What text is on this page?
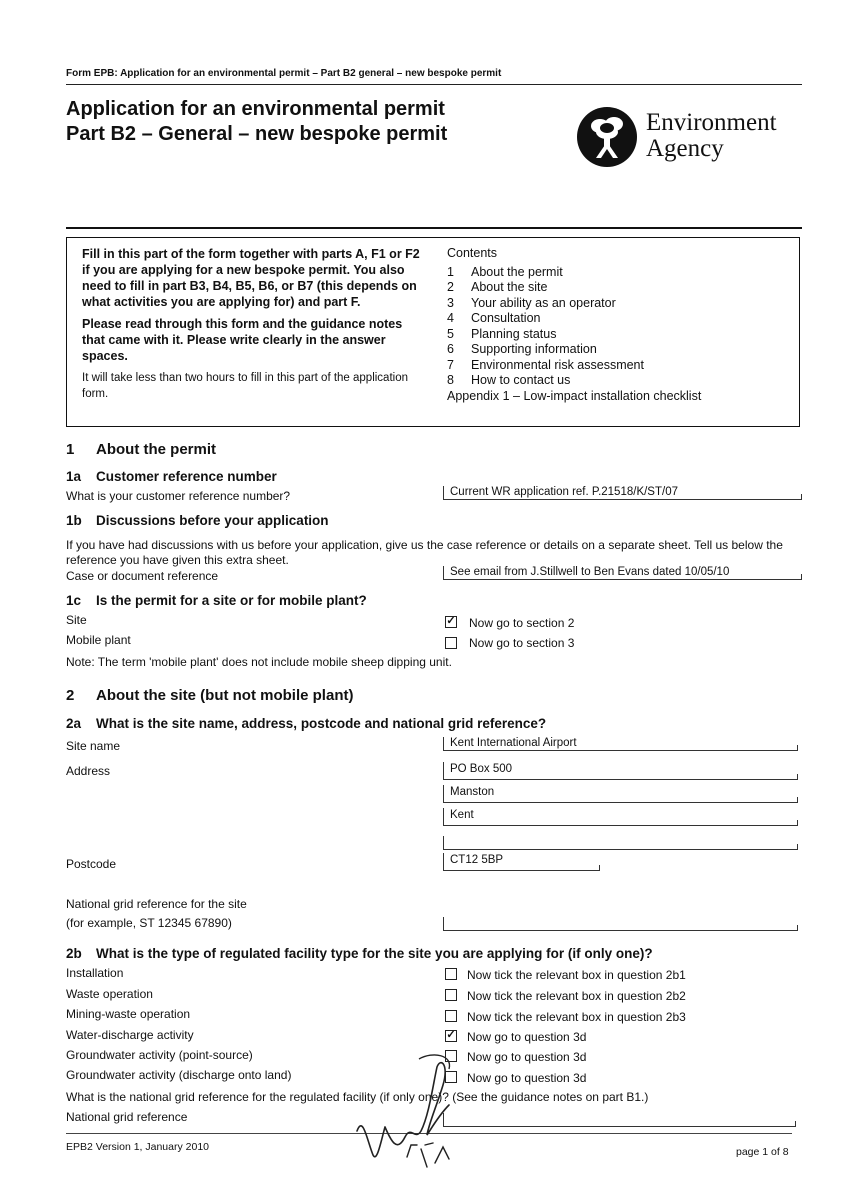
Form EPB: Application for an environmental permit – Part B2 general – new bespoke permit
Application for an environmental permit
Part B2 – General – new bespoke permit	Environment
Agency

Fill in this part of the form together with parts A, F1 or F2 if you are applying for a new bespoke permit. You also need to fill in part B3, B4, B5, B6, or B7 (this depends on what activities you are applying for) and part F.

Please read through this form and the guidance notes that came with it. Please write clearly in the answer spaces.

It will take less than two hours to fill in this part of the application form.

Contents
1	About the permit
2	About the site
3	Your ability as an operator
4	Consultation
5	Planning status
6	Supporting information
7	Environmental risk assessment
8	How to contact us
Appendix 1 – Low-impact installation checklist
1 About the permit
1a Customer reference number
What is your customer reference number?	Current WR application ref. P.21518/K/ST/07
1b Discussions before your application
If you have had discussions with us before your application, give us the case reference or details on a separate sheet. Tell us below the reference you have given this extra sheet.
Case or document reference	See email from J.Stillwell to Ben Evans dated 10/05/10
1c Is the permit for a site or for mobile plant?
Site	✓ Now go to section 2
Mobile plant	Now go to section 3
Note: The term 'mobile plant' does not include mobile sheep dipping unit.
2 About the site (but not mobile plant)
2a What is the site name, address, postcode and national grid reference?
Site name	Kent International Airport
Address	PO Box 500
Manston
Kent
Postcode	CT12 5BP
National grid reference for the site
(for example, ST 12345 67890)
2b What is the type of regulated facility type for the site you are applying for (if only one)?
Installation	Now tick the relevant box in question 2b1
Waste operation	Now tick the relevant box in question 2b2
Mining-waste operation	Now tick the relevant box in question 2b3
Water-discharge activity	✓ Now go to question 3d
Groundwater activity (point-source)	Now go to question 3d
Groundwater activity (discharge onto land)	Now go to question 3d
What is the national grid reference for the regulated facility (if only one)? (See the guidance notes on part B1.)
National grid reference
EPB2 Version 1, January 2010	page 1 of 8
